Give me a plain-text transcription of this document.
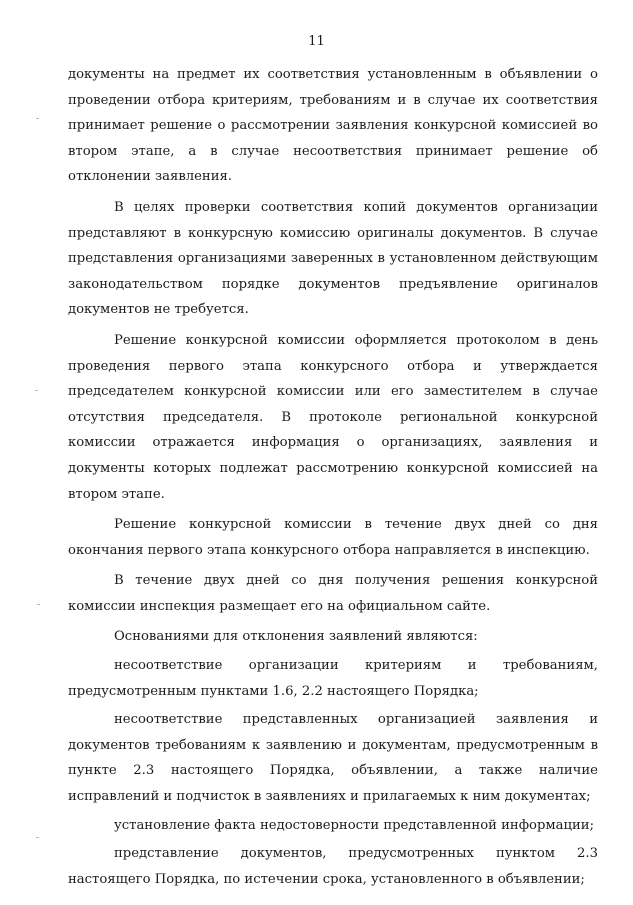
11

документы на предмет их соответствия установленным в объявлении о проведении отбора критериям, требованиям и в случае их соответствия принимает решение о рассмотрении заявления конкурсной комиссией во втором этапе, а в случае несоответствия принимает решение об отклонении заявления.

В целях проверки соответствия копий документов организации представляют в конкурсную комиссию оригиналы документов. В случае представления организациями заверенных в установленном действующим законодательством порядке документов предъявление оригиналов документов не требуется.

Решение конкурсной комиссии оформляется протоколом в день проведения первого этапа конкурсного отбора и утверждается председателем конкурсной комиссии или его заместителем в случае отсутствия председателя. В протоколе региональной конкурсной комиссии отражается информация о организациях, заявления и документы которых подлежат рассмотрению конкурсной комиссией на втором этапе.

Решение конкурсной комиссии в течение двух дней со дня окончания первого этапа конкурсного отбора направляется в инспекцию.

В течение двух дней со дня получения решения конкурсной комиссии инспекция размещает его на официальном сайте.

Основаниями для отклонения заявлений являются:

несоответствие организации критериям и требованиям, предусмотренным пунктами 1.6, 2.2 настоящего Порядка;

несоответствие представленных организацией заявления и документов требованиям к заявлению и документам, предусмотренным в пункте 2.3 настоящего Порядка, объявлении, а также наличие исправлений и подчисток в заявлениях и прилагаемых к ним документах;

установление факта недостоверности представленной информации;

представление документов, предусмотренных пунктом 2.3 настоящего Порядка, по истечении срока, установленного в объявлении;
